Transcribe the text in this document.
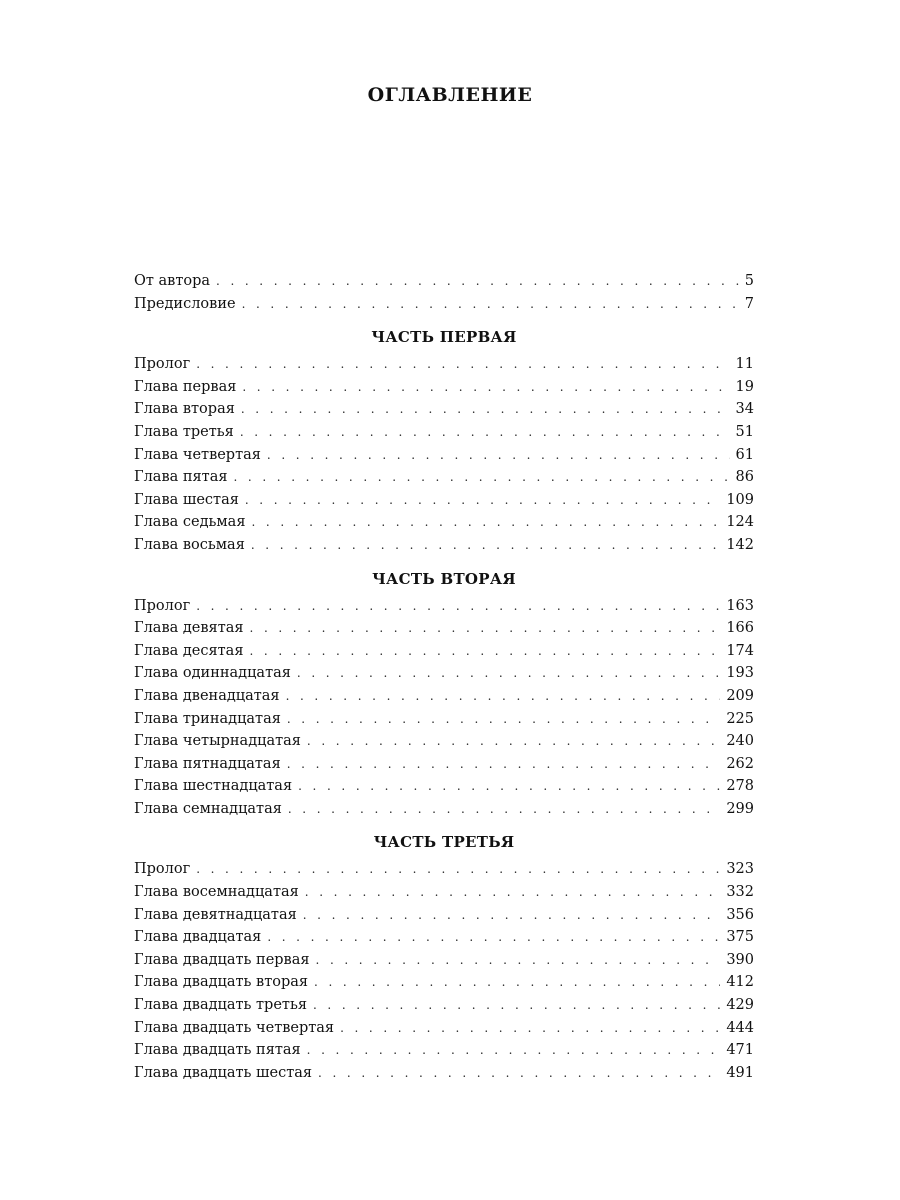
ОГЛАВЛЕНИЕ
От автора . . .	5
Предисловие . . .	7
ЧАСТЬ ПЕРВАЯ
Пролог . . .	11
Глава первая . . .	19
Глава вторая . . .	34
Глава третья . . .	51
Глава четвертая . . .	61
Глава пятая . . .	86
Глава шестая . . .	109
Глава седьмая . . .	124
Глава восьмая . . .	142
ЧАСТЬ ВТОРАЯ
Пролог . . .	163
Глава девятая . . .	166
Глава десятая . . .	174
Глава одиннадцатая . . .	193
Глава двенадцатая . . .	209
Глава тринадцатая . . .	225
Глава четырнадцатая . . .	240
Глава пятнадцатая . . .	262
Глава шестнадцатая . . .	278
Глава семнадцатая . . .	299
ЧАСТЬ ТРЕТЬЯ
Пролог . . .	323
Глава восемнадцатая . . .	332
Глава девятнадцатая . . .	356
Глава двадцатая . . .	375
Глава двадцать первая . . .	390
Глава двадцать вторая . . .	412
Глава двадцать третья . . .	429
Глава двадцать четвертая . . .	444
Глава двадцать пятая . . .	471
Глава двадцать шестая . . .	491
